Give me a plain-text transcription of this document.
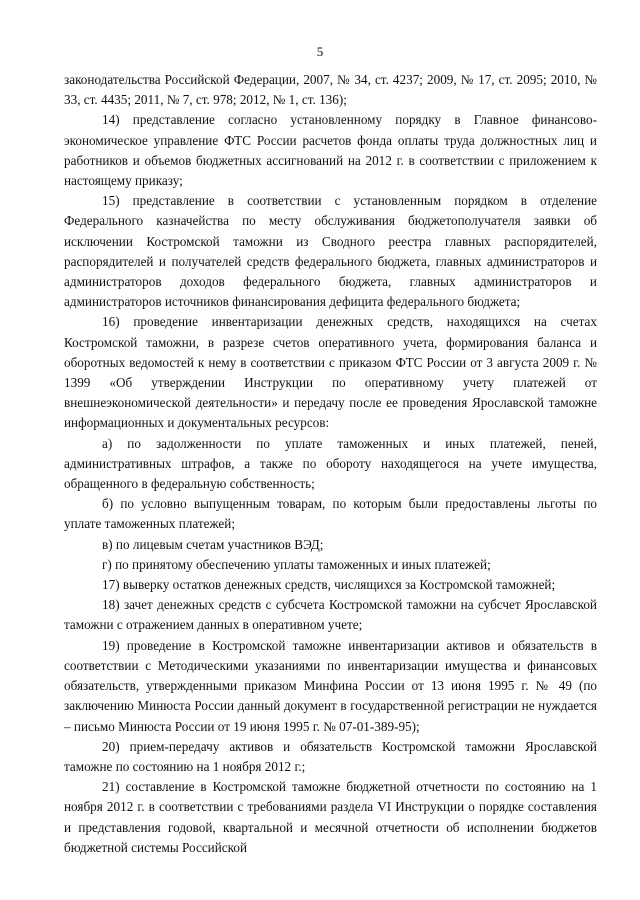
5

законодательства Российской Федерации, 2007, № 34, ст. 4237; 2009, № 17, ст. 2095; 2010, № 33, ст. 4435; 2011, № 7, ст. 978; 2012, № 1, ст. 136);

14) представление согласно установленному порядку в Главное финансово-экономическое управление ФТС России расчетов фонда оплаты труда должностных лиц и работников и объемов бюджетных ассигнований на 2012 г. в соответствии с приложением к настоящему приказу;

15) представление в соответствии с установленным порядком в отделение Федерального казначейства по месту обслуживания бюджетополучателя заявки об исключении Костромской таможни из Сводного реестра главных распорядителей, распорядителей и получателей средств федерального бюджета, главных администраторов и администраторов доходов федерального бюджета, главных администраторов и администраторов источников финансирования дефицита федерального бюджета;

16) проведение инвентаризации денежных средств, находящихся на счетах Костромской таможни, в разрезе счетов оперативного учета, формирования баланса и оборотных ведомостей к нему в соответствии с приказом ФТС России от 3 августа 2009 г. № 1399 «Об утверждении Инструкции по оперативному учету платежей от внешнеэкономической деятельности» и передачу после ее проведения Ярославской таможне информационных и документальных ресурсов:

а) по задолженности по уплате таможенных и иных платежей, пеней, административных штрафов, а также по обороту находящегося на учете имущества, обращенного в федеральную собственность;

б) по условно выпущенным товарам, по которым были предоставлены льготы по уплате таможенных платежей;

в) по лицевым счетам участников ВЭД;

г) по принятому обеспечению уплаты таможенных и иных платежей;

17) выверку остатков денежных средств, числящихся за Костромской таможней;

18) зачет денежных средств с субсчета Костромской таможни на субсчет Ярославской таможни с отражением данных в оперативном учете;

19) проведение в Костромской таможне инвентаризации активов и обязательств в соответствии с Методическими указаниями по инвентаризации имущества и финансовых обязательств, утвержденными приказом Минфина России от 13 июня 1995 г. № 49 (по заключению Минюста России данный документ в государственной регистрации не нуждается – письмо Минюста России от 19 июня 1995 г. № 07-01-389-95);

20) прием-передачу активов и обязательств Костромской таможни Ярославской таможне по состоянию на 1 ноября 2012 г.;

21) составление в Костромской таможне бюджетной отчетности по состоянию на 1 ноября 2012 г. в соответствии с требованиями раздела VI Инструкции о порядке составления и представления годовой, квартальной и месячной отчетности об исполнении бюджетов бюджетной системы Российской
